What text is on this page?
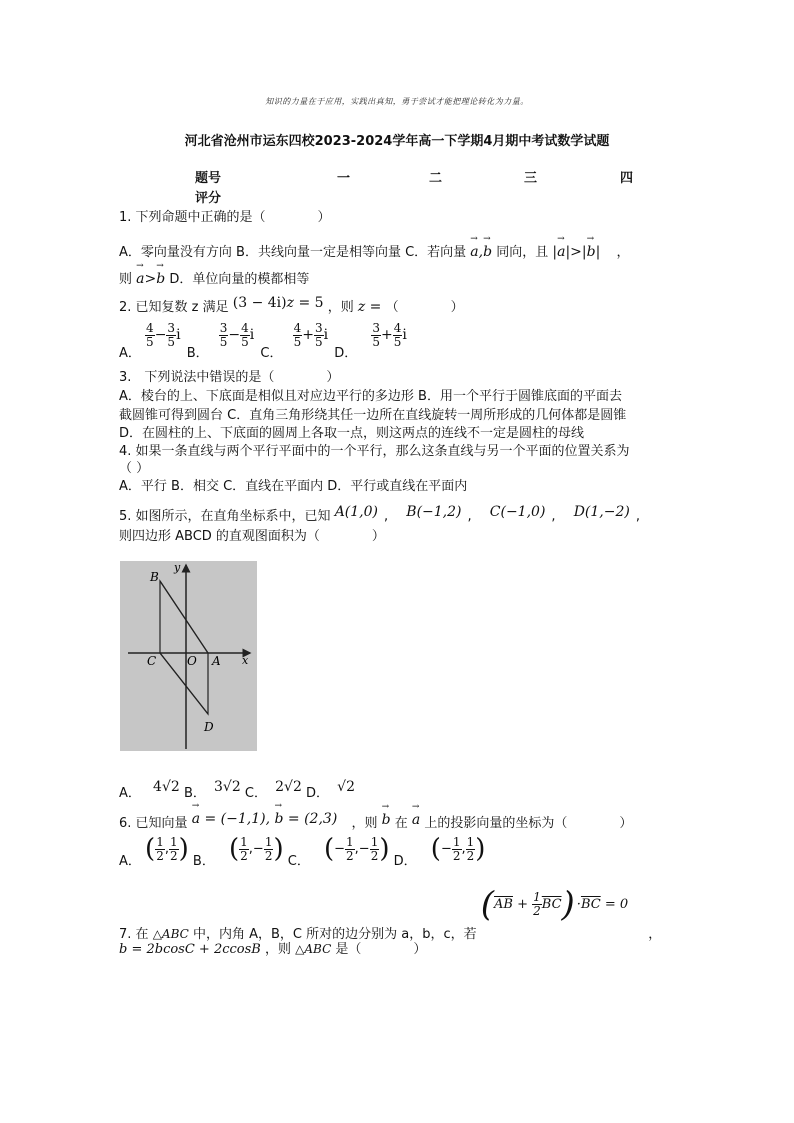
知识的力量在于应用，实践出真知，勇于尝试才能把理论转化为力量。
河北省沧州市运东四校2023-2024学年高一下学期4月期中考试数学试题
题号	一	二	三	四
评分
1. 下列命题中正确的是（　　　　）
A．零向量没有方向 B．共线向量一定是相等向量 C．若向量 → a,→ b 同向，且 |→ a|>|→ b| ，
则 → a>→ b D．单位向量的模都相等
2. 已知复数 z 满足 (3 − 4i)z = 5 ，则 z = （　　　　）
A．
$\frac{4}{5} - \frac{3}{5}$ i B．
$\frac{3}{5} - \frac{4}{5}$ i C．
$\frac{4}{5} + \frac{3}{5}$ i D．
$\frac{3}{5} + \frac{4}{5}$ i
3.　下列说法中错误的是（　　　　）
A．棱台的上、下底面是相似且对应边平行的多边形 B．用一个平行于圆锥底面的平面去
截圆锥可得到圆台 C．直角三角形绕其任一边所在直线旋转一周所形成的几何体都是圆锥
D．在圆柱的上、下底面的圆周上各取一点，则这两点的连线不一定是圆柱的母线
4. 如果一条直线与两个平行平面中的一个平行，那么这条直线与另一个平面的位置关系为
（ ）
A．平行 B．相交 C．直线在平面内 D．平行或直线在平面内
5. 如图所示，在直角坐标系中，已知 A(1,0) , B(−1,2) , C(−1,0) , D(1,−2) ,
则四边形 ABCD 的直观图面积为（　　　　）
B
C	O A
D
x
y
A． 4√2 B． 3√2 C． 2√2 D． √2
6. 已知向量 → a = (−1,1), → b = (2,3) ，则 → b 在 → a 上的投影向量的坐标为（　　　　）
A． ( $\frac{1}{2}$ , $\frac{1}{2}$ ) B． ( $\frac{1}{2}$ ,− $\frac{1}{2}$ ) C． (− $\frac{1}{2}$ ,− $\frac{1}{2}$ ) D． (− $\frac{1}{2}$ , $\frac{1}{2}$ )
7. 在 △ABC 中，内角 A，B，C 所对的边分别为 a，b，c，若 $(\overline{AB} + \frac{1}{2} \overline{BC}) \cdot\overline{BC} = 0$ ，
b = 2bcosC + 2ccosB ，则 △ABC 是（　　　　）
